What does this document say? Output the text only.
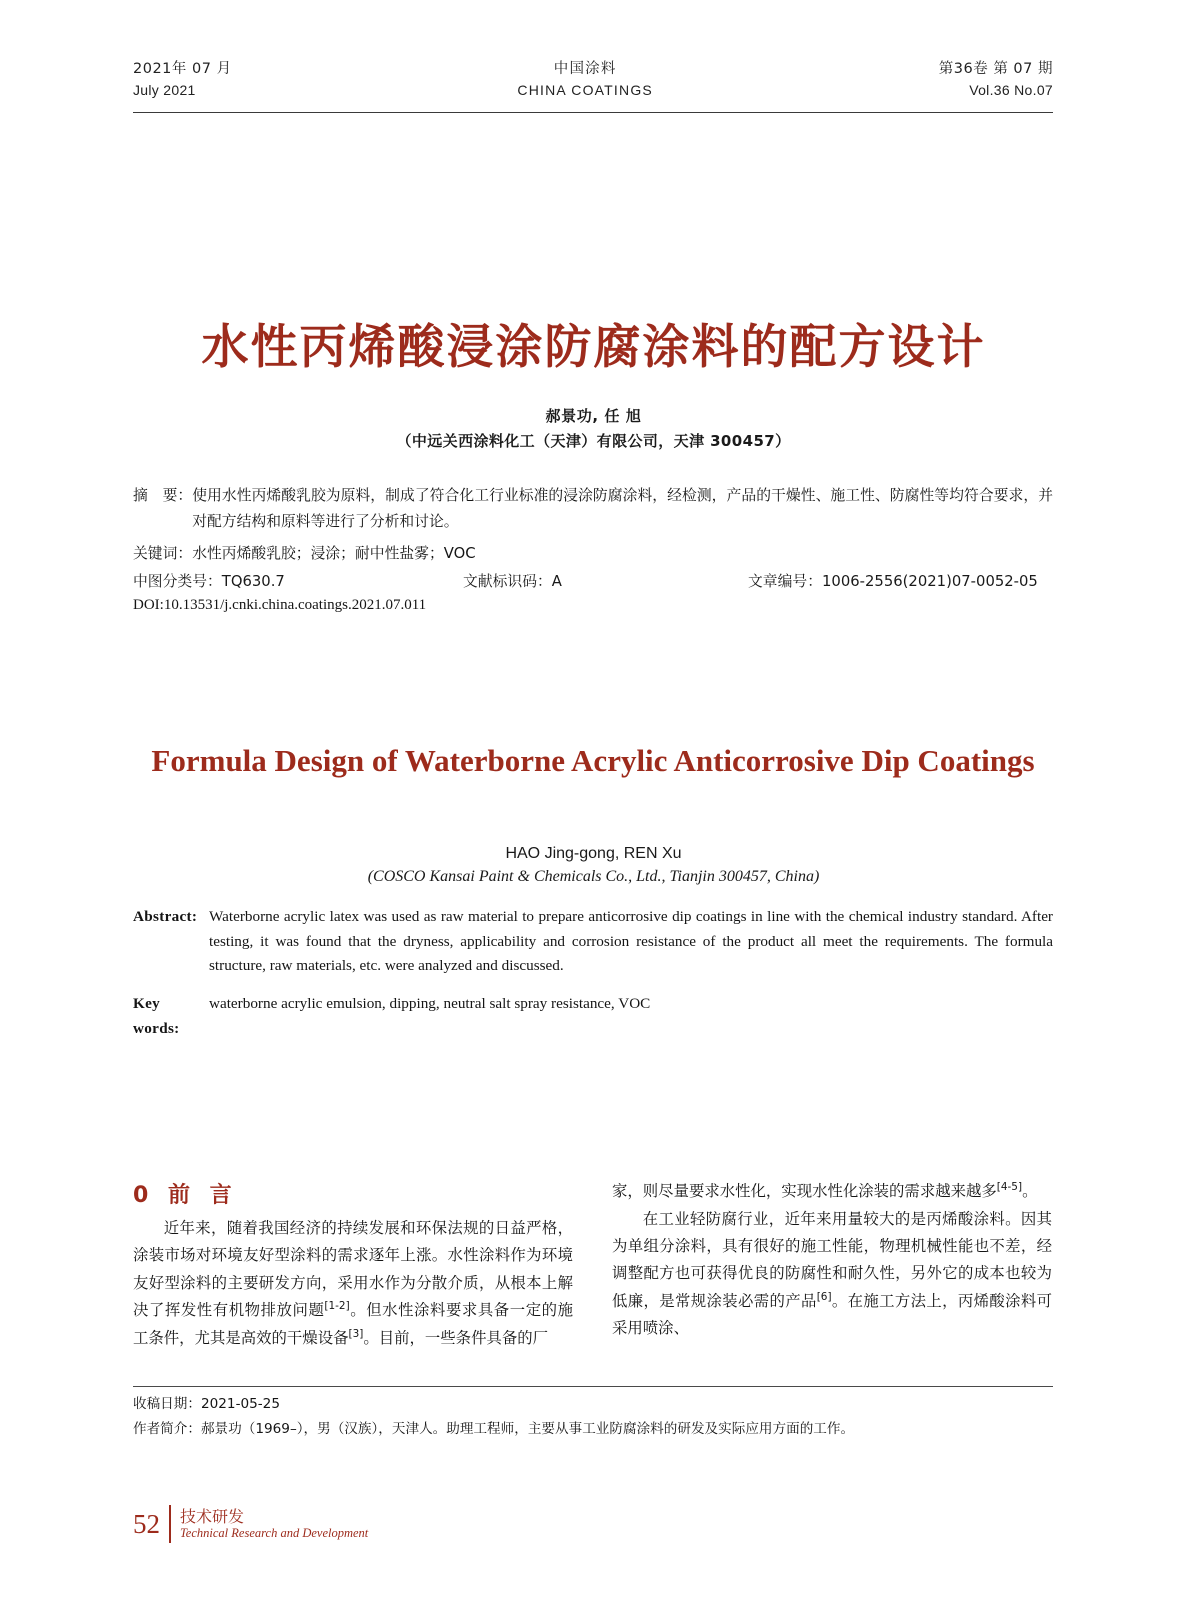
2021年 07 月
July 2021
中国涂料
CHINA COATINGS
第36卷 第 07 期
Vol.36 No.07
水性丙烯酸浸涂防腐涂料的配方设计
郝景功, 任 旭
（中远关西涂料化工（天津）有限公司，天津 300457）
摘　要： 使用水性丙烯酸乳胶为原料，制成了符合化工行业标准的浸涂防腐涂料，经检测，产品的干燥性、施工性、防腐性等均符合要求，并对配方结构和原料等进行了分析和讨论。
关键词： 水性丙烯酸乳胶；浸涂；耐中性盐雾；VOC
中图分类号：TQ630.7	文献标识码：A	文章编号：1006-2556(2021)07-0052-05
DOI:10.13531/j.cnki.china.coatings.2021.07.011
Formula Design of Waterborne Acrylic Anticorrosive Dip Coatings
HAO Jing-gong, REN Xu
(COSCO Kansai Paint & Chemicals Co., Ltd., Tianjin 300457, China)
Abstract: Waterborne acrylic latex was used as raw material to prepare anticorrosive dip coatings in line with the chemical industry standard. After testing, it was found that the dryness, applicability and corrosion resistance of the product all meet the requirements. The formula structure, raw materials, etc. were analyzed and discussed.
Key words:
waterborne acrylic emulsion, dipping, neutral salt spray resistance, VOC
0 前 言

近年来，随着我国经济的持续发展和环保法规的日益严格，涂装市场对环境友好型涂料的需求逐年上涨。水性涂料作为环境友好型涂料的主要研发方向，采用水作为分散介质，从根本上解决了挥发性有机物排放问题[1-2]。但水性涂料要求具备一定的施工条件，尤其是高效的干燥设备[3]。目前，一些条件具备的厂

家，则尽量要求水性化，实现水性化涂装的需求越来越多[4-5]。

在工业轻防腐行业，近年来用量较大的是丙烯酸涂料。因其为单组分涂料，具有很好的施工性能，物理机械性能也不差，经调整配方也可获得优良的防腐性和耐久性，另外它的成本也较为低廉，是常规涂装必需的产品[6]。在施工方法上，丙烯酸涂料可采用喷涂、

收稿日期：2021-05-25
作者简介：郝景功（1969–），男（汉族），天津人。助理工程师，主要从事工业防腐涂料的研发及实际应用方面的工作。
52 技术研发
Technical Research and Development
